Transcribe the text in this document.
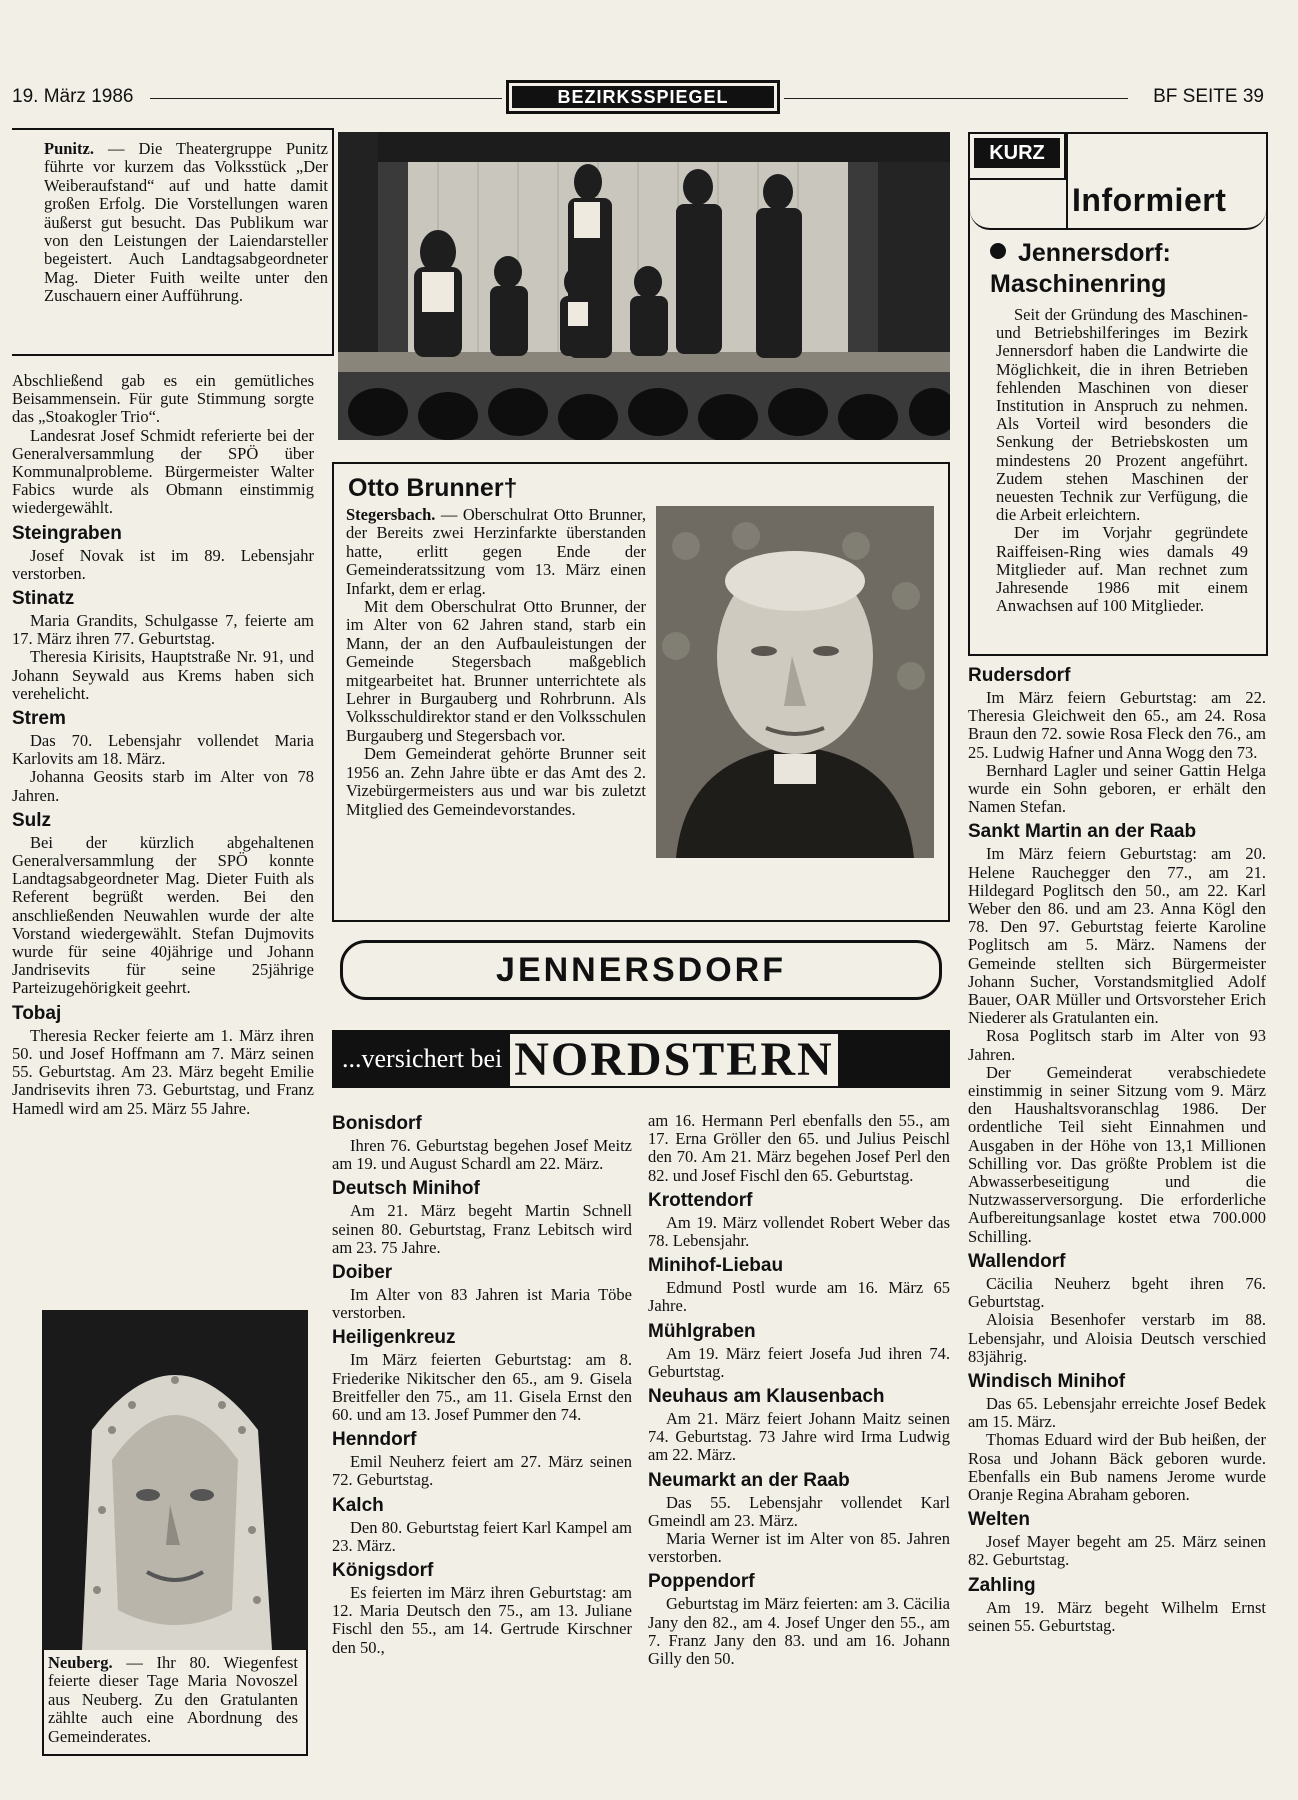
19. März 1986	BEZIRKSSPIEGEL	BF SEITE 39
Punitz. — Die Theatergruppe Punitz führte vor kurzem das Volksstück „Der Weiberaufstand“ auf und hatte damit großen Erfolg. Die Vorstellungen waren äußerst gut besucht. Das Publikum war von den Leistungen der Laiendarsteller begeistert. Auch Landtagsabgeordneter Mag. Dieter Fuith weilte unter den Zuschauern einer Aufführung.

Abschließend gab es ein gemütliches Beisammensein. Für gute Stimmung sorgte das „Stoakogler Trio“.

Landesrat Josef Schmidt referierte bei der Generalversammlung der SPÖ über Kommunalprobleme. Bürgermeister Walter Fabics wurde als Obmann einstimmig wiedergewählt.

Steingraben

Josef Novak ist im 89. Lebensjahr verstorben.

Stinatz

Maria Grandits, Schulgasse 7, feierte am 17. März ihren 77. Geburtstag.

Theresia Kirisits, Hauptstraße Nr. 91, und Johann Seywald aus Krems haben sich verehelicht.

Strem

Das 70. Lebensjahr vollendet Maria Karlovits am 18. März.

Johanna Geosits starb im Alter von 78 Jahren.

Sulz

Bei der kürzlich abgehaltenen Generalversammlung der SPÖ konnte Landtagsabgeordneter Mag. Dieter Fuith als Referent begrüßt werden. Bei den anschließenden Neuwahlen wurde der alte Vorstand wiedergewählt. Stefan Dujmovits wurde für seine 40jährige und Johann Jandrisevits für seine 25jährige Parteizugehörigkeit geehrt.

Tobaj

Theresia Recker feierte am 1. März ihren 50. und Josef Hoffmann am 7. März seinen 55. Geburtstag. Am 23. März begeht Emilie Jandrisevits ihren 73. Geburtstag, und Franz Hamedl wird am 25. März 55 Jahre.

Neuberg. — Ihr 80. Wiegenfest feierte dieser Tage Maria Novoszel aus Neuberg. Zu den Gratulanten zählte auch eine Abordnung des Gemeinderates.
Otto Brunner†

Stegersbach. — Oberschulrat Otto Brunner, der Bereits zwei Herzinfarkte überstanden hatte, erlitt gegen Ende der Gemeinderatssitzung vom 13. März einen Infarkt, dem er erlag.

Mit dem Oberschulrat Otto Brunner, der im Alter von 62 Jahren stand, starb ein Mann, der an den Aufbauleistungen der Gemeinde Stegersbach maßgeblich mitgearbeitet hat. Brunner unterrichtete als Lehrer in Burgauberg und Rohrbrunn. Als Volksschuldirektor stand er den Volksschulen Burgauberg und Stegersbach vor.

Dem Gemeinderat gehörte Brunner seit 1956 an. Zehn Jahre übte er das Amt des 2. Vizebürgermeisters aus und war bis zuletzt Mitglied des Gemeindevorstandes.

JENNERSDORF
...versichert bei NORDSTERN
Bonisdorf

Ihren 76. Geburtstag begehen Josef Meitz am 19. und August Schardl am 22. März.

Deutsch Minihof

Am 21. März begeht Martin Schnell seinen 80. Geburtstag, Franz Lebitsch wird am 23. 75 Jahre.

Doiber

Im Alter von 83 Jahren ist Maria Töbe verstorben.

Heiligenkreuz

Im März feierten Geburtstag: am 8. Friederike Nikitscher den 65., am 9. Gisela Breitfeller den 75., am 11. Gisela Ernst den 60. und am 13. Josef Pummer den 74.

Henndorf

Emil Neuherz feiert am 27. März seinen 72. Geburtstag.

Kalch

Den 80. Geburtstag feiert Karl Kampel am 23. März.

Königsdorf

Es feierten im März ihren Geburtstag: am 12. Maria Deutsch den 75., am 13. Juliane Fischl den 55., am 14. Gertrude Kirschner den 50.,

am 16. Hermann Perl ebenfalls den 55., am 17. Erna Gröller den 65. und Julius Peischl den 70. Am 21. März begehen Josef Perl den 82. und Josef Fischl den 65. Geburtstag.

Krottendorf

Am 19. März vollendet Robert Weber das 78. Lebensjahr.

Minihof-Liebau

Edmund Postl wurde am 16. März 65 Jahre.

Mühlgraben

Am 19. März feiert Josefa Jud ihren 74. Geburtstag.

Neuhaus am Klausenbach

Am 21. März feiert Johann Maitz seinen 74. Geburtstag. 73 Jahre wird Irma Ludwig am 22. März.

Neumarkt an der Raab

Das 55. Lebensjahr vollendet Karl Gmeindl am 23. März.

Maria Werner ist im Alter von 85. Jahren verstorben.

Poppendorf

Geburtstag im März feierten: am 3. Cäcilia Jany den 82., am 4. Josef Unger den 55., am 7. Franz Jany den 83. und am 16. Johann Gilly den 50.

KURZ
Informiert
Jennersdorf: Maschinenring

Seit der Gründung des Maschinen- und Betriebshilferinges im Bezirk Jennersdorf haben die Landwirte die Möglichkeit, die in ihren Betrieben fehlenden Maschinen von dieser Institution in Anspruch zu nehmen. Als Vorteil wird besonders die Senkung der Betriebskosten um mindestens 20 Prozent angeführt. Zudem stehen Maschinen der neuesten Technik zur Verfügung, die die Arbeit erleichtern.

Der im Vorjahr gegründete Raiffeisen-Ring wies damals 49 Mitglieder auf. Man rechnet zum Jahresende 1986 mit einem Anwachsen auf 100 Mitglieder.

Rudersdorf

Im März feiern Geburtstag: am 22. Theresia Gleichweit den 65., am 24. Rosa Braun den 72. sowie Rosa Fleck den 76., am 25. Ludwig Hafner und Anna Wogg den 73.

Bernhard Lagler und seiner Gattin Helga wurde ein Sohn geboren, er erhält den Namen Stefan.

Sankt Martin an der Raab

Im März feiern Geburtstag: am 20. Helene Rauchegger den 77., am 21. Hildegard Poglitsch den 50., am 22. Karl Weber den 86. und am 23. Anna Kögl den 78. Den 97. Geburtstag feierte Karoline Poglitsch am 5. März. Namens der Gemeinde stellten sich Bürgermeister Johann Sucher, Vorstandsmitglied Adolf Bauer, OAR Müller und Ortsvorsteher Erich Niederer als Gratulanten ein.

Rosa Poglitsch starb im Alter von 93 Jahren.

Der Gemeinderat verabschiedete einstimmig in seiner Sitzung vom 9. März den Haushaltsvoranschlag 1986. Der ordentliche Teil sieht Einnahmen und Ausgaben in der Höhe von 13,1 Millionen Schilling vor. Das größte Problem ist die Abwasserbeseitigung und die Nutzwasserversorgung. Die erforderliche Aufbereitungsanlage kostet etwa 700.000 Schilling.

Wallendorf

Cäcilia Neuherz bgeht ihren 76. Geburtstag.

Aloisia Besenhofer verstarb im 88. Lebensjahr, und Aloisia Deutsch verschied 83jährig.

Windisch Minihof

Das 65. Lebensjahr erreichte Josef Bedek am 15. März.

Thomas Eduard wird der Bub heißen, der Rosa und Johann Bäck geboren wurde. Ebenfalls ein Bub namens Jerome wurde Oranje Regina Abraham geboren.

Welten

Josef Mayer begeht am 25. März seinen 82. Geburtstag.

Zahling

Am 19. März begeht Wilhelm Ernst seinen 55. Geburtstag.
